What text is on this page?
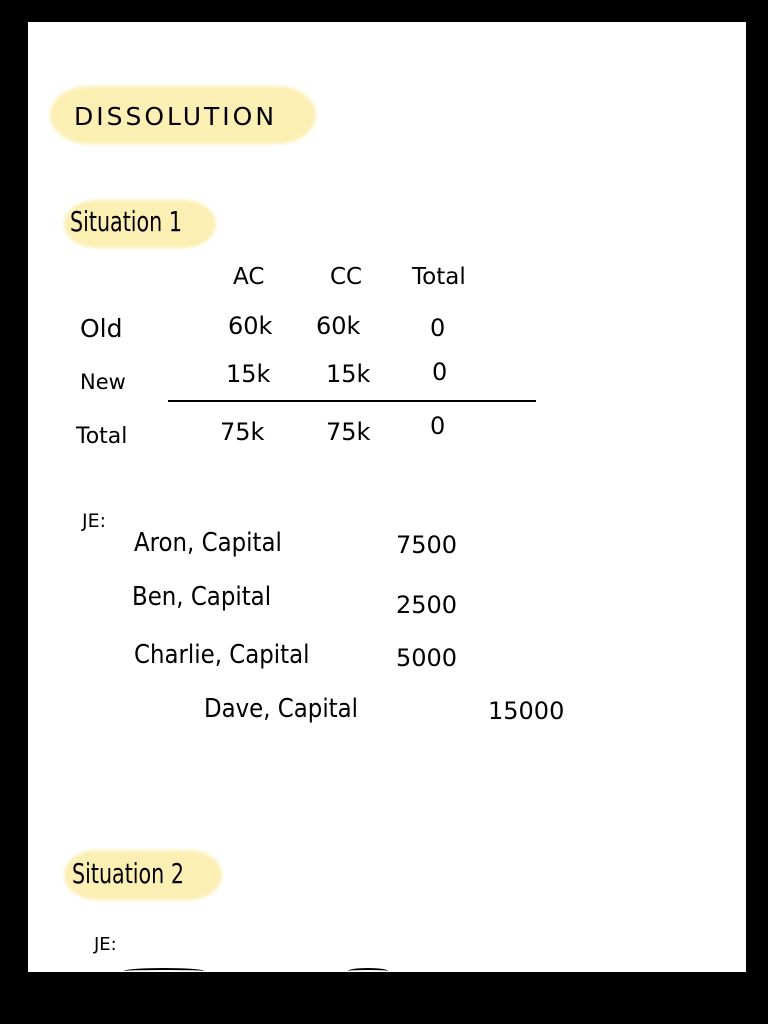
DISSOLUTION
Situation 1
AC	CC Total
Old	60k 60k	0
New	15k 15k	0
Total	75k	75k 0
JE:
Aron, Capital	7500
Ben, Capital	2500
Charlie, Capital	5000
Dave, Capital	15000
Situation 2
JE:
